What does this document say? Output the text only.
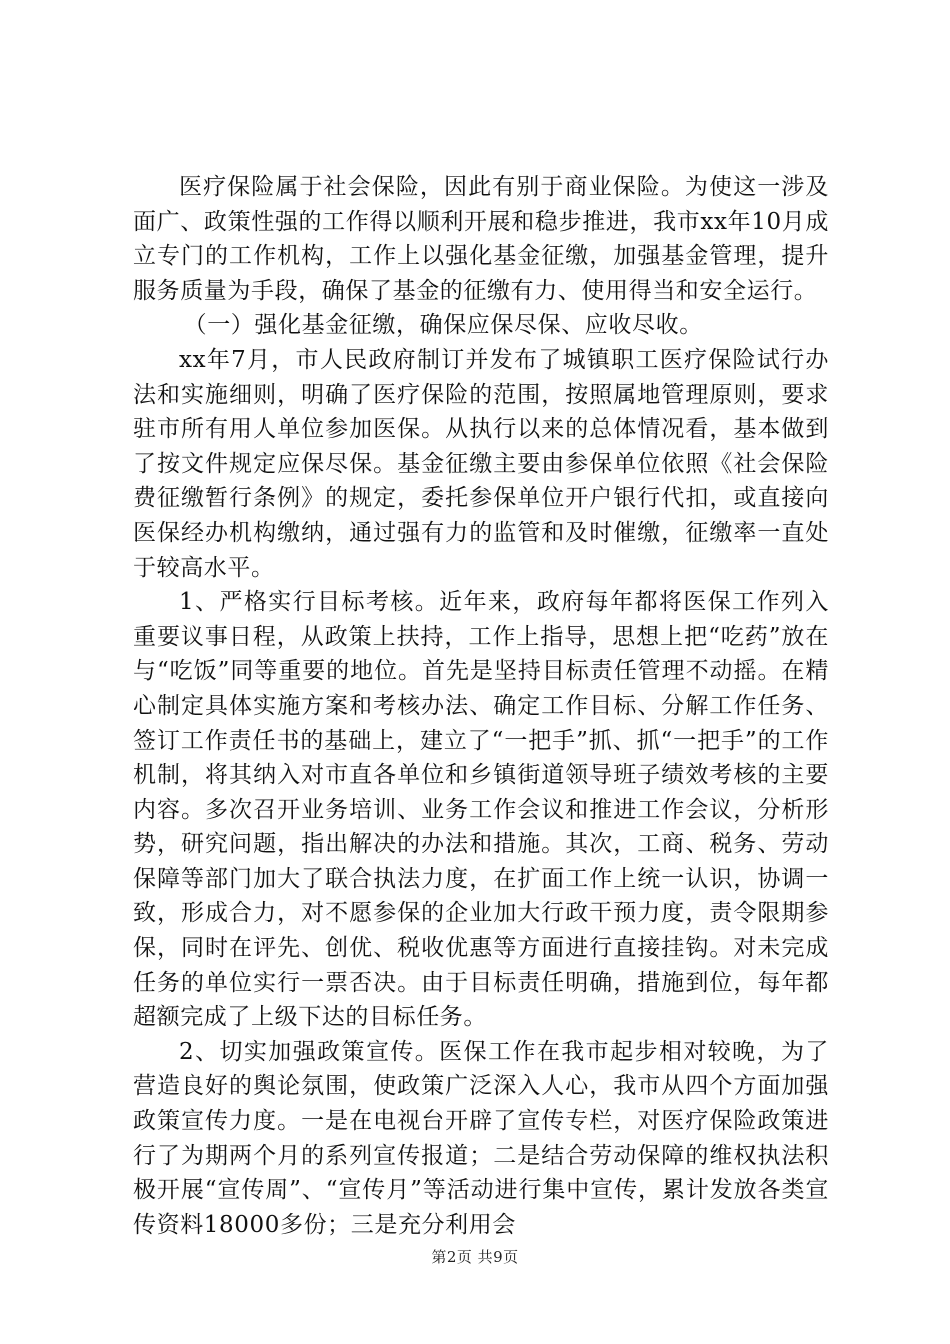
医疗保险属于社会保险，因此有别于商业保险。为使这一涉及面广、政策性强的工作得以顺利开展和稳步推进，我市xx年10月成立专门的工作机构，工作上以强化基金征缴，加强基金管理，提升服务质量为手段，确保了基金的征缴有力、使用得当和安全运行。

（一）强化基金征缴，确保应保尽保、应收尽收。

xx年7月，市人民政府制订并发布了城镇职工医疗保险试行办法和实施细则，明确了医疗保险的范围，按照属地管理原则，要求驻市所有用人单位参加医保。从执行以来的总体情况看，基本做到了按文件规定应保尽保。基金征缴主要由参保单位依照《社会保险费征缴暂行条例》的规定，委托参保单位开户银行代扣，或直接向医保经办机构缴纳，通过强有力的监管和及时催缴，征缴率一直处于较高水平。

1、严格实行目标考核。近年来，政府每年都将医保工作列入重要议事日程，从政策上扶持，工作上指导，思想上把“吃药”放在与“吃饭”同等重要的地位。首先是坚持目标责任管理不动摇。在精心制定具体实施方案和考核办法、确定工作目标、分解工作任务、签订工作责任书的基础上，建立了“一把手”抓、抓“一把手”的工作机制，将其纳入对市直各单位和乡镇街道领导班子绩效考核的主要内容。多次召开业务培训、业务工作会议和推进工作会议，分析形势，研究问题，指出解决的办法和措施。其次，工商、税务、劳动保障等部门加大了联合执法力度，在扩面工作上统一认识，协调一致，形成合力，对不愿参保的企业加大行政干预力度，责令限期参保，同时在评先、创优、税收优惠等方面进行直接挂钩。对未完成任务的单位实行一票否决。由于目标责任明确，措施到位，每年都超额完成了上级下达的目标任务。

2、切实加强政策宣传。医保工作在我市起步相对较晚，为了营造良好的舆论氛围，使政策广泛深入人心，我市从四个方面加强政策宣传力度。一是在电视台开辟了宣传专栏，对医疗保险政策进行了为期两个月的系列宣传报道；二是结合劳动保障的维权执法积极开展“宣传周”、“宣传月”等活动进行集中宣传，累计发放各类宣传资料18000多份；三是充分利用会

第2页 共9页
